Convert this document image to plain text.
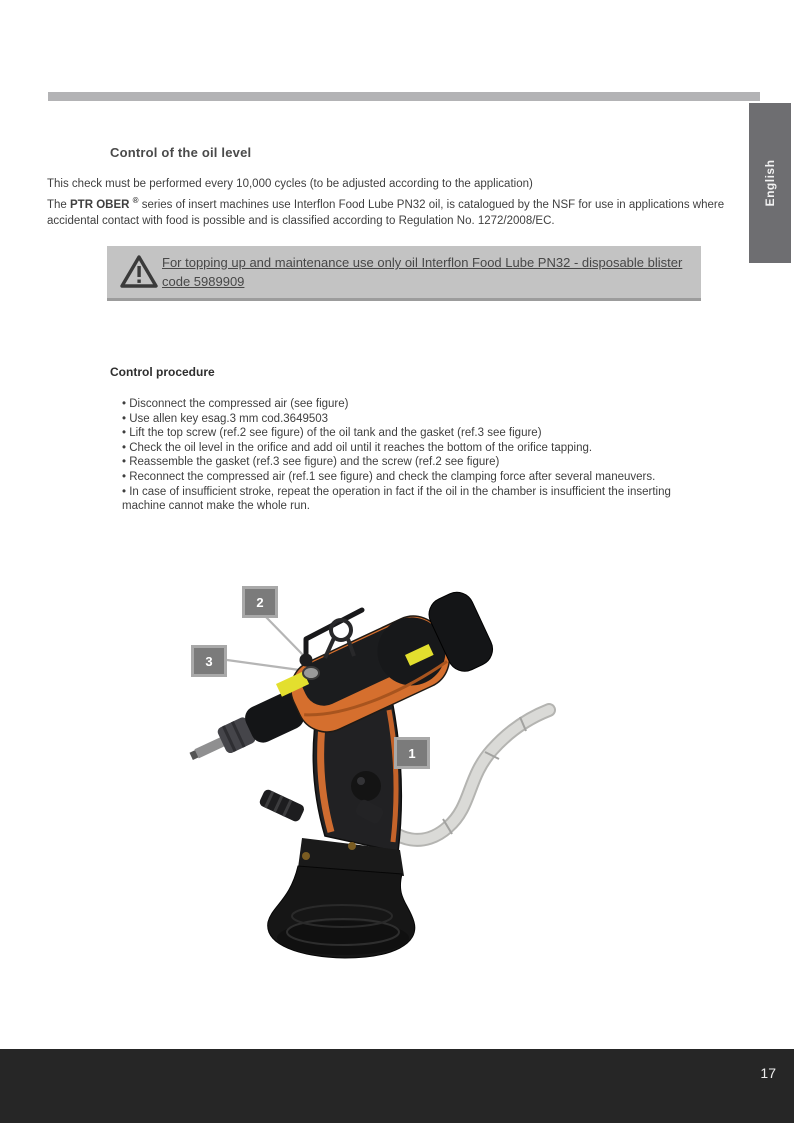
English
Control of the oil level

This check must be performed every 10,000 cycles (to be adjusted according to the application)

The PTR OBER ® series of insert machines use Interflon Food Lube PN32 oil, is catalogued by the NSF for use in applications where accidental contact with food is possible and is classified according to Regulation No. 1272/2008/EC.

For topping up and maintenance use only oil Interflon Food Lube PN32 - disposable blister code 5989909
Control procedure
• Disconnect the compressed air (see figure)
• Use allen key esag.3 mm cod.3649503
• Lift the top screw (ref.2 see figure) of the oil tank and the gasket (ref.3 see figure)
• Check the oil level in the orifice and add oil until it reaches the bottom of the orifice tapping.
• Reassemble the gasket (ref.3 see figure) and the screw (ref.2 see figure)
• Reconnect the compressed air (ref.1 see figure) and check the clamping force after several maneuvers.
• In case of insufficient stroke, repeat the operation in fact if the oil in the chamber is insufficient the inserting machine cannot make the whole run.
2
3
1
17
